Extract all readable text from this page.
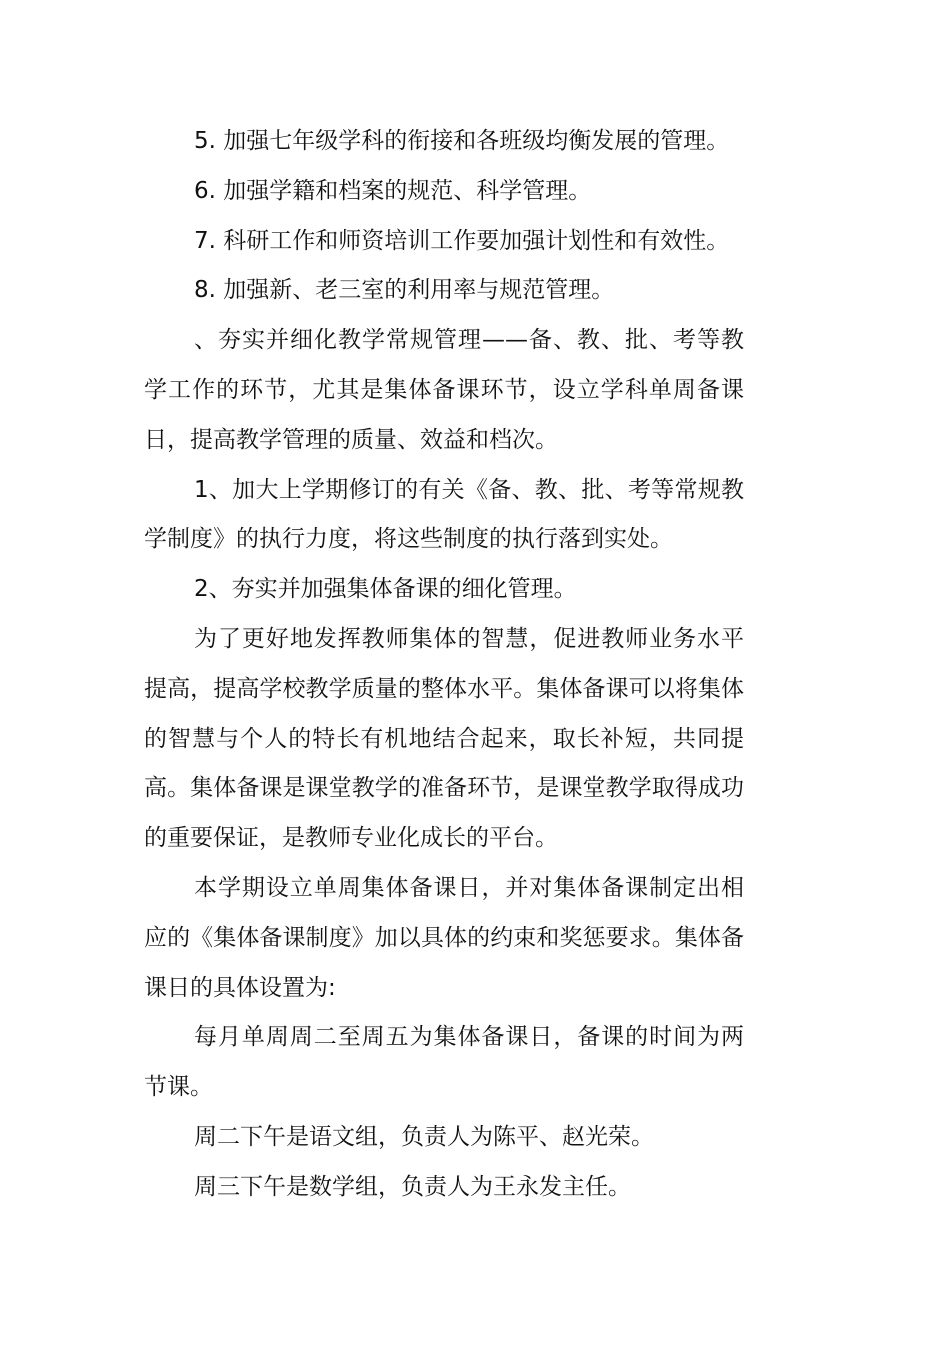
5. 加强七年级学科的衔接和各班级均衡发展的管理。

6. 加强学籍和档案的规范、科学管理。

7. 科研工作和师资培训工作要加强计划性和有效性。

8. 加强新、老三室的利用率与规范管理。

、夯实并细化教学常规管理——备、教、批、考等教学工作的环节，尤其是集体备课环节，设立学科单周备课日，提高教学管理的质量、效益和档次。

1、加大上学期修订的有关《备、教、批、考等常规教学制度》的执行力度，将这些制度的执行落到实处。

2、夯实并加强集体备课的细化管理。

为了更好地发挥教师集体的智慧，促进教师业务水平提高，提高学校教学质量的整体水平。集体备课可以将集体的智慧与个人的特长有机地结合起来，取长补短，共同提高。集体备课是课堂教学的准备环节，是课堂教学取得成功的重要保证，是教师专业化成长的平台。

本学期设立单周集体备课日，并对集体备课制定出相应的《集体备课制度》加以具体的约束和奖惩要求。集体备课日的具体设置为:

每月单周周二至周五为集体备课日，备课的时间为两节课。

周二下午是语文组，负责人为陈平、赵光荣。

周三下午是数学组，负责人为王永发主任。
